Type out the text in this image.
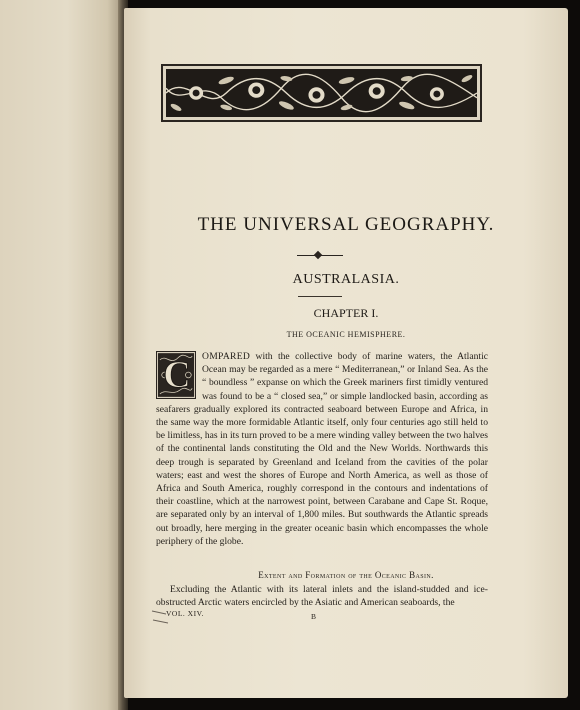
THE UNIVERSAL GEOGRAPHY.
AUSTRALASIA.
CHAPTER I.
THE OCEANIC HEMISPHERE.

C	OMPARED with the collective body of marine waters, the Atlantic Ocean may be regarded as a mere “ Mediterranean,” or Inland Sea. As the “ boundless ” expanse on which the Greek mariners first timidly ventured was found to be a “ closed sea,” or simple landlocked basin, according as seafarers gradually explored its contracted seaboard between Europe and Africa, in the same way the more formidable Atlantic itself, only four centuries ago still held to be limitless, has in its turn proved to be a mere winding valley between the two halves of the continental lands constituting the Old and the New Worlds. Northwards this deep trough is separated by Greenland and Iceland from the cavities of the polar waters; east and west the shores of Europe and North America, as well as those of Africa and South America, roughly correspond in the contours and indentations of their coastline, which at the narrowest point, between Carabane and Cape St. Roque, are separated only by an interval of 1,800 miles. But southwards the Atlantic spreads out broadly, here merging in the greater oceanic basin which encompasses the whole periphery of the globe.

Extent and Formation of the Oceanic Basin.

Excluding the Atlantic with its lateral inlets and the island-studded and ice-obstructed Arctic waters encircled by the Asiatic and American seaboards, the

VOL. XIV.	B
